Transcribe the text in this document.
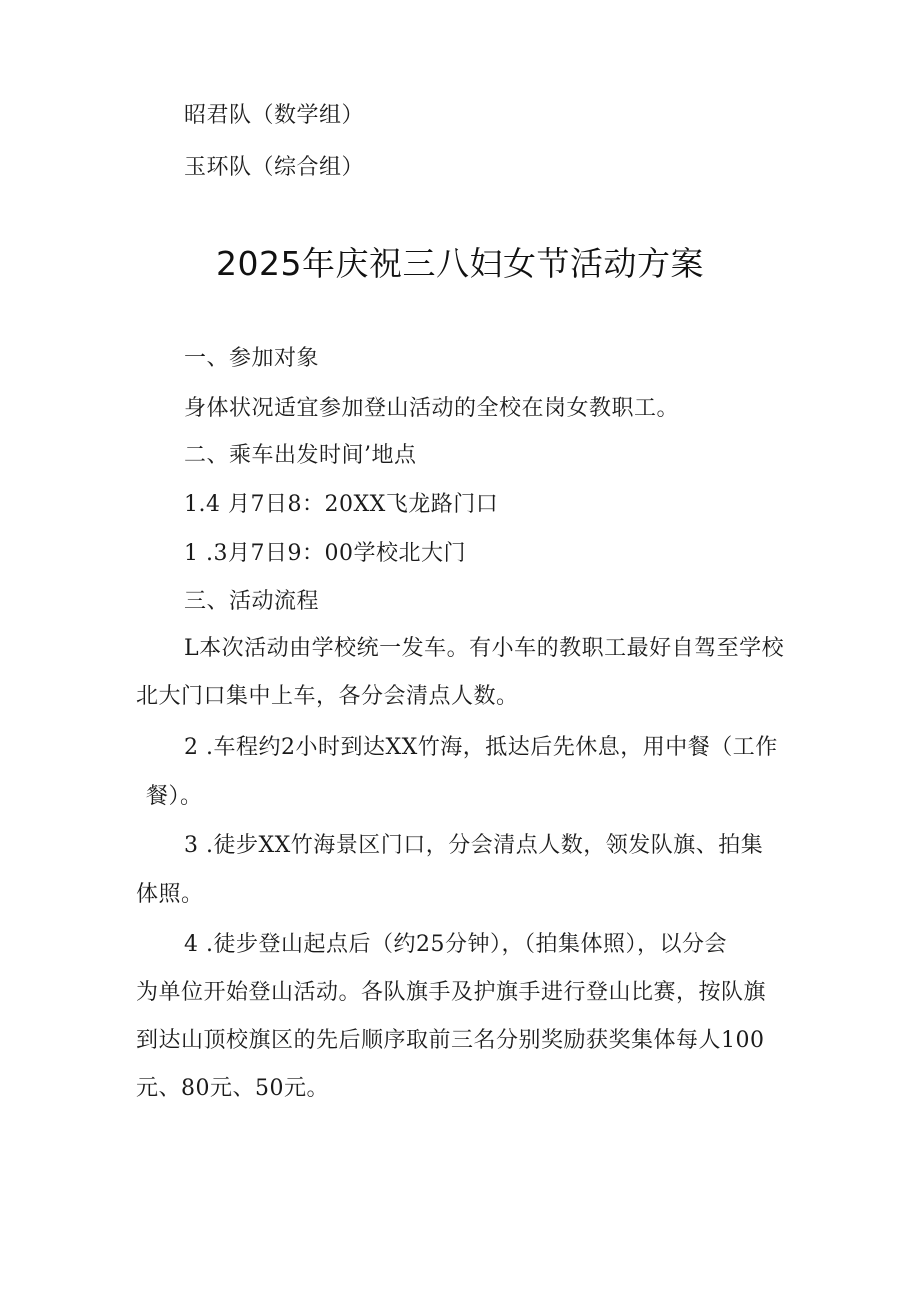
昭君队（数学组）
玉环队（综合组）
2025年庆祝三八妇女节活动方案
一、参加对象
身体状况适宜参加登山活动的全校在岗女教职工。
二、乘车出发时间’地点
1.4 月7日8：20XX飞龙路门口
1 .3月7日9：00学校北大门
三、活动流程
L本次活动由学校统一发车。有小车的教职工最好自驾至学校
北大门口集中上车，各分会清点人数。
2 .车程约2小时到达XX竹海，抵达后先休息，用中餐（工作
餐）。
3 .徒步XX竹海景区门口，分会清点人数，领发队旗、拍集
体照。
4 .徒步登山起点后（约25分钟），（拍集体照），以分会
为单位开始登山活动。各队旗手及护旗手进行登山比赛，按队旗
到达山顶校旗区的先后顺序取前三名分别奖励获奖集体每人100
元、80元、50元。
